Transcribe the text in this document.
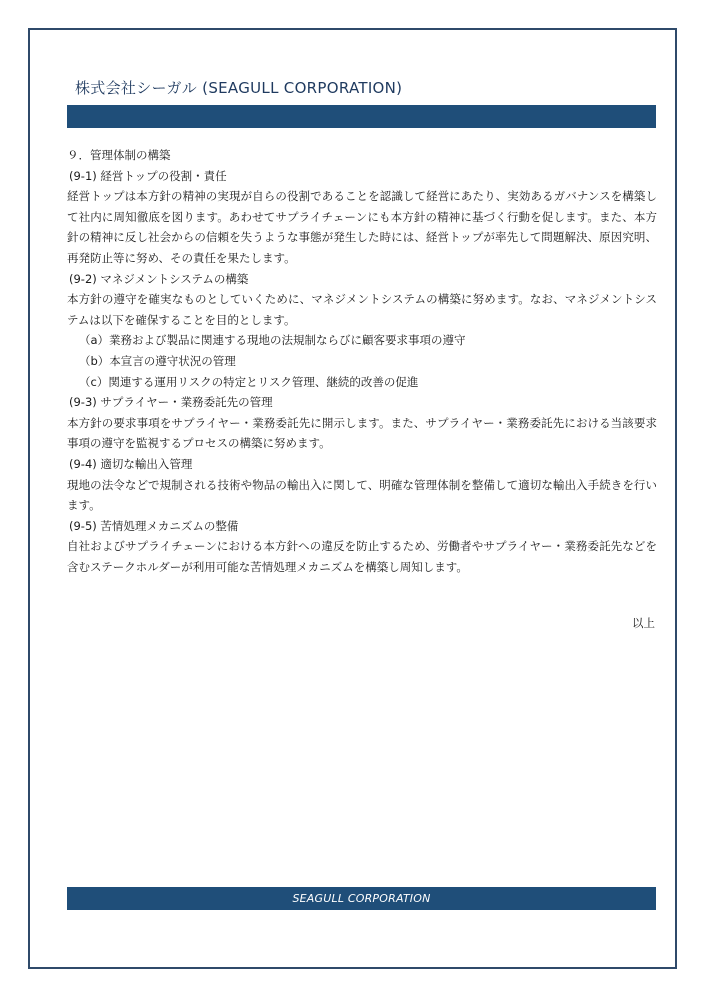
株式会社シーガル (SEAGULL CORPORATION)

９．管理体制の構築

(9-1) 経営トップの役割・責任

経営トップは本方針の精神の実現が自らの役割であることを認識して経営にあたり、実効あるガバナンスを構築して社内に周知徹底を図ります。あわせてサプライチェーンにも本方針の精神に基づく行動を促します。また、本方針の精神に反し社会からの信頼を失うような事態が発生した時には、経営トップが率先して問題解決、原因究明、再発防止等に努め、その責任を果たします。

(9-2) マネジメントシステムの構築

本方針の遵守を確実なものとしていくために、マネジメントシステムの構築に努めます。なお、マネジメントシステムは以下を確保することを目的とします。

（a）業務および製品に関連する現地の法規制ならびに顧客要求事項の遵守

（b）本宣言の遵守状況の管理

（c）関連する運用リスクの特定とリスク管理、継続的改善の促進

(9-3) サプライヤー・業務委託先の管理

本方針の要求事項をサプライヤー・業務委託先に開示します。また、サプライヤー・業務委託先における当該要求事項の遵守を監視するプロセスの構築に努めます。

(9-4) 適切な輸出入管理

現地の法令などで規制される技術や物品の輸出入に関して、明確な管理体制を整備して適切な輸出入手続きを行います。

(9-5) 苦情処理メカニズムの整備

自社およびサプライチェーンにおける本方針への違反を防止するため、労働者やサプライヤー・業務委託先などを含むステークホルダーが利用可能な苦情処理メカニズムを構築し周知します。

以上
SEAGULL CORPORATION
